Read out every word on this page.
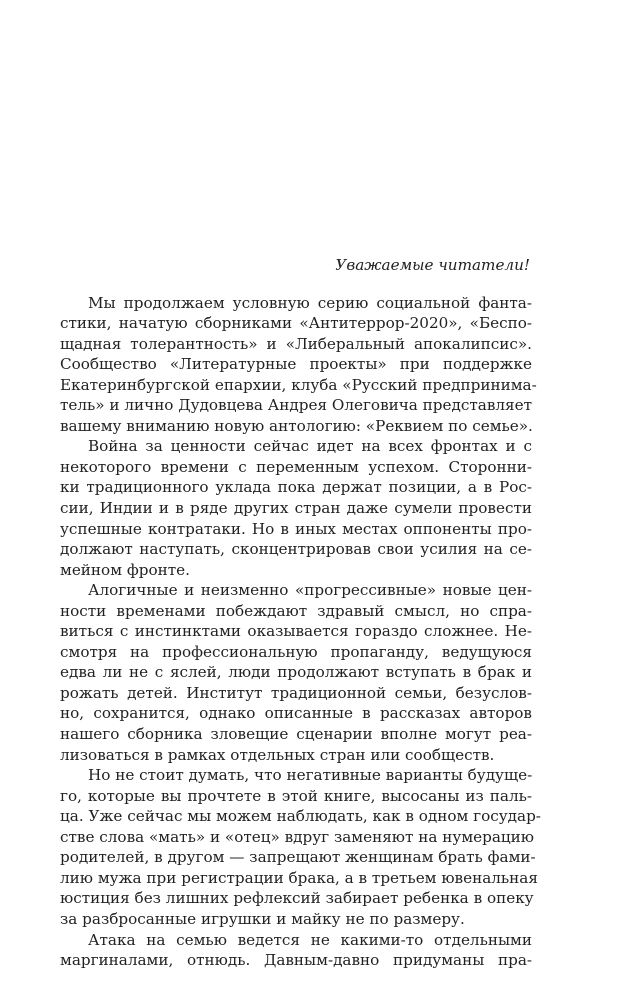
Уважаемые читатели!
Мы продолжаем условную серию социальной фанта-
стики, начатую сборниками «Антитеррор-2020», «Беспо-
щадная толерантность» и «Либеральный апокалипсис».
Сообщество «Литературные проекты» при поддержке
Екатеринбургской епархии, клуба «Русский предпринима-
тель» и лично Дудовцева Андрея Олеговича представляет
вашему вниманию новую антологию: «Реквием по семье».
Война за ценности сейчас идет на всех фронтах и с
некоторого времени с переменным успехом. Сторонни-
ки традиционного уклада пока держат позиции, а в Рос-
сии, Индии и в ряде других стран даже сумели провести
успешные контратаки. Но в иных местах оппоненты про-
должают наступать, сконцентрировав свои усилия на се-
мейном фронте.
Алогичные и неизменно «прогрессивные» новые цен-
ности временами побеждают здравый смысл, но спра-
виться с инстинктами оказывается гораздо сложнее. Не-
смотря на профессиональную пропаганду, ведущуюся
едва ли не с яслей, люди продолжают вступать в брак и
рожать детей. Институт традиционной семьи, безуслов-
но, сохранится, однако описанные в рассказах авторов
нашего сборника зловещие сценарии вполне могут реа-
лизоваться в рамках отдельных стран или сообществ.
Но не стоит думать, что негативные варианты будуще-
го, которые вы прочтете в этой книге, высосаны из паль-
ца. Уже сейчас мы можем наблюдать, как в одном государ-
стве слова «мать» и «отец» вдруг заменяют на нумерацию
родителей, в другом — запрещают женщинам брать фами-
лию мужа при регистрации брака, а в третьем ювенальная
юстиция без лишних рефлексий забирает ребенка в опеку
за разбросанные игрушки и майку не по размеру.
Атака на семью ведется не какими-то отдельными
маргиналами, отнюдь. Давным-давно придуманы пра-
